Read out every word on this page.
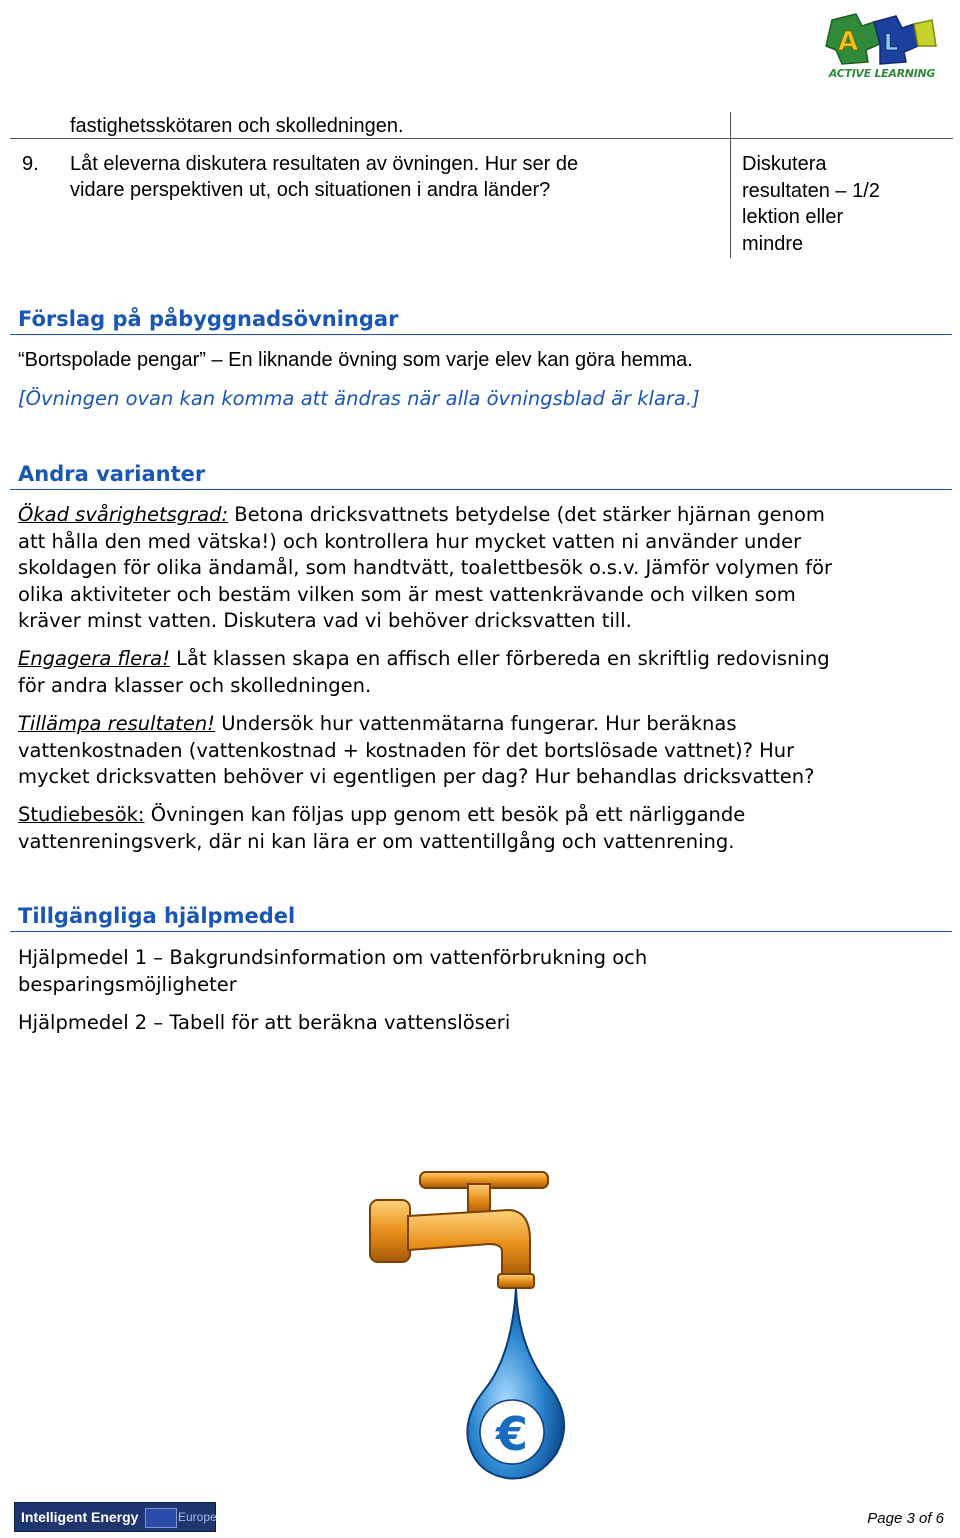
A L
ACTIVE LEARNING
fastighetsskötaren och skolledningen.
9. Låt eleverna diskutera resultaten av övningen. Hur ser de
vidare perspektiven ut, och situationen i andra länder?
Diskutera
resultaten – 1/2
lektion eller
mindre
Förslag på påbyggnadsövningar
“Bortspolade pengar” – En liknande övning som varje elev kan göra hemma.
[Övningen ovan kan komma att ändras när alla övningsblad är klara.]
Andra varianter
Ökad svårighetsgrad: Betona dricksvattnets betydelse (det stärker hjärnan genom
att hålla den med vätska!) och kontrollera hur mycket vatten ni använder under
skoldagen för olika ändamål, som handtvätt, toalettbesök o.s.v. Jämför volymen för
olika aktiviteter och bestäm vilken som är mest vattenkrävande och vilken som
kräver minst vatten. Diskutera vad vi behöver dricksvatten till.
Engagera flera! Låt klassen skapa en affisch eller förbereda en skriftlig redovisning
för andra klasser och skolledningen.
Tillämpa resultaten! Undersök hur vattenmätarna fungerar. Hur beräknas
vattenkostnaden (vattenkostnad + kostnaden för det bortslösade vattnet)? Hur
mycket dricksvatten behöver vi egentligen per dag? Hur behandlas dricksvatten?
Studiebesök: Övningen kan följas upp genom ett besök på ett närliggande
vattenreningsverk, där ni kan lära er om vattentillgång och vattenrening.
Tillgängliga hjälpmedel
Hjälpmedel 1 – Bakgrundsinformation om vattenförbrukning och
besparingsmöjligheter
Hjälpmedel 2 – Tabell för att beräkna vattenslöseri
€
Intelligent Energy	Europe	Page 3 of 6
